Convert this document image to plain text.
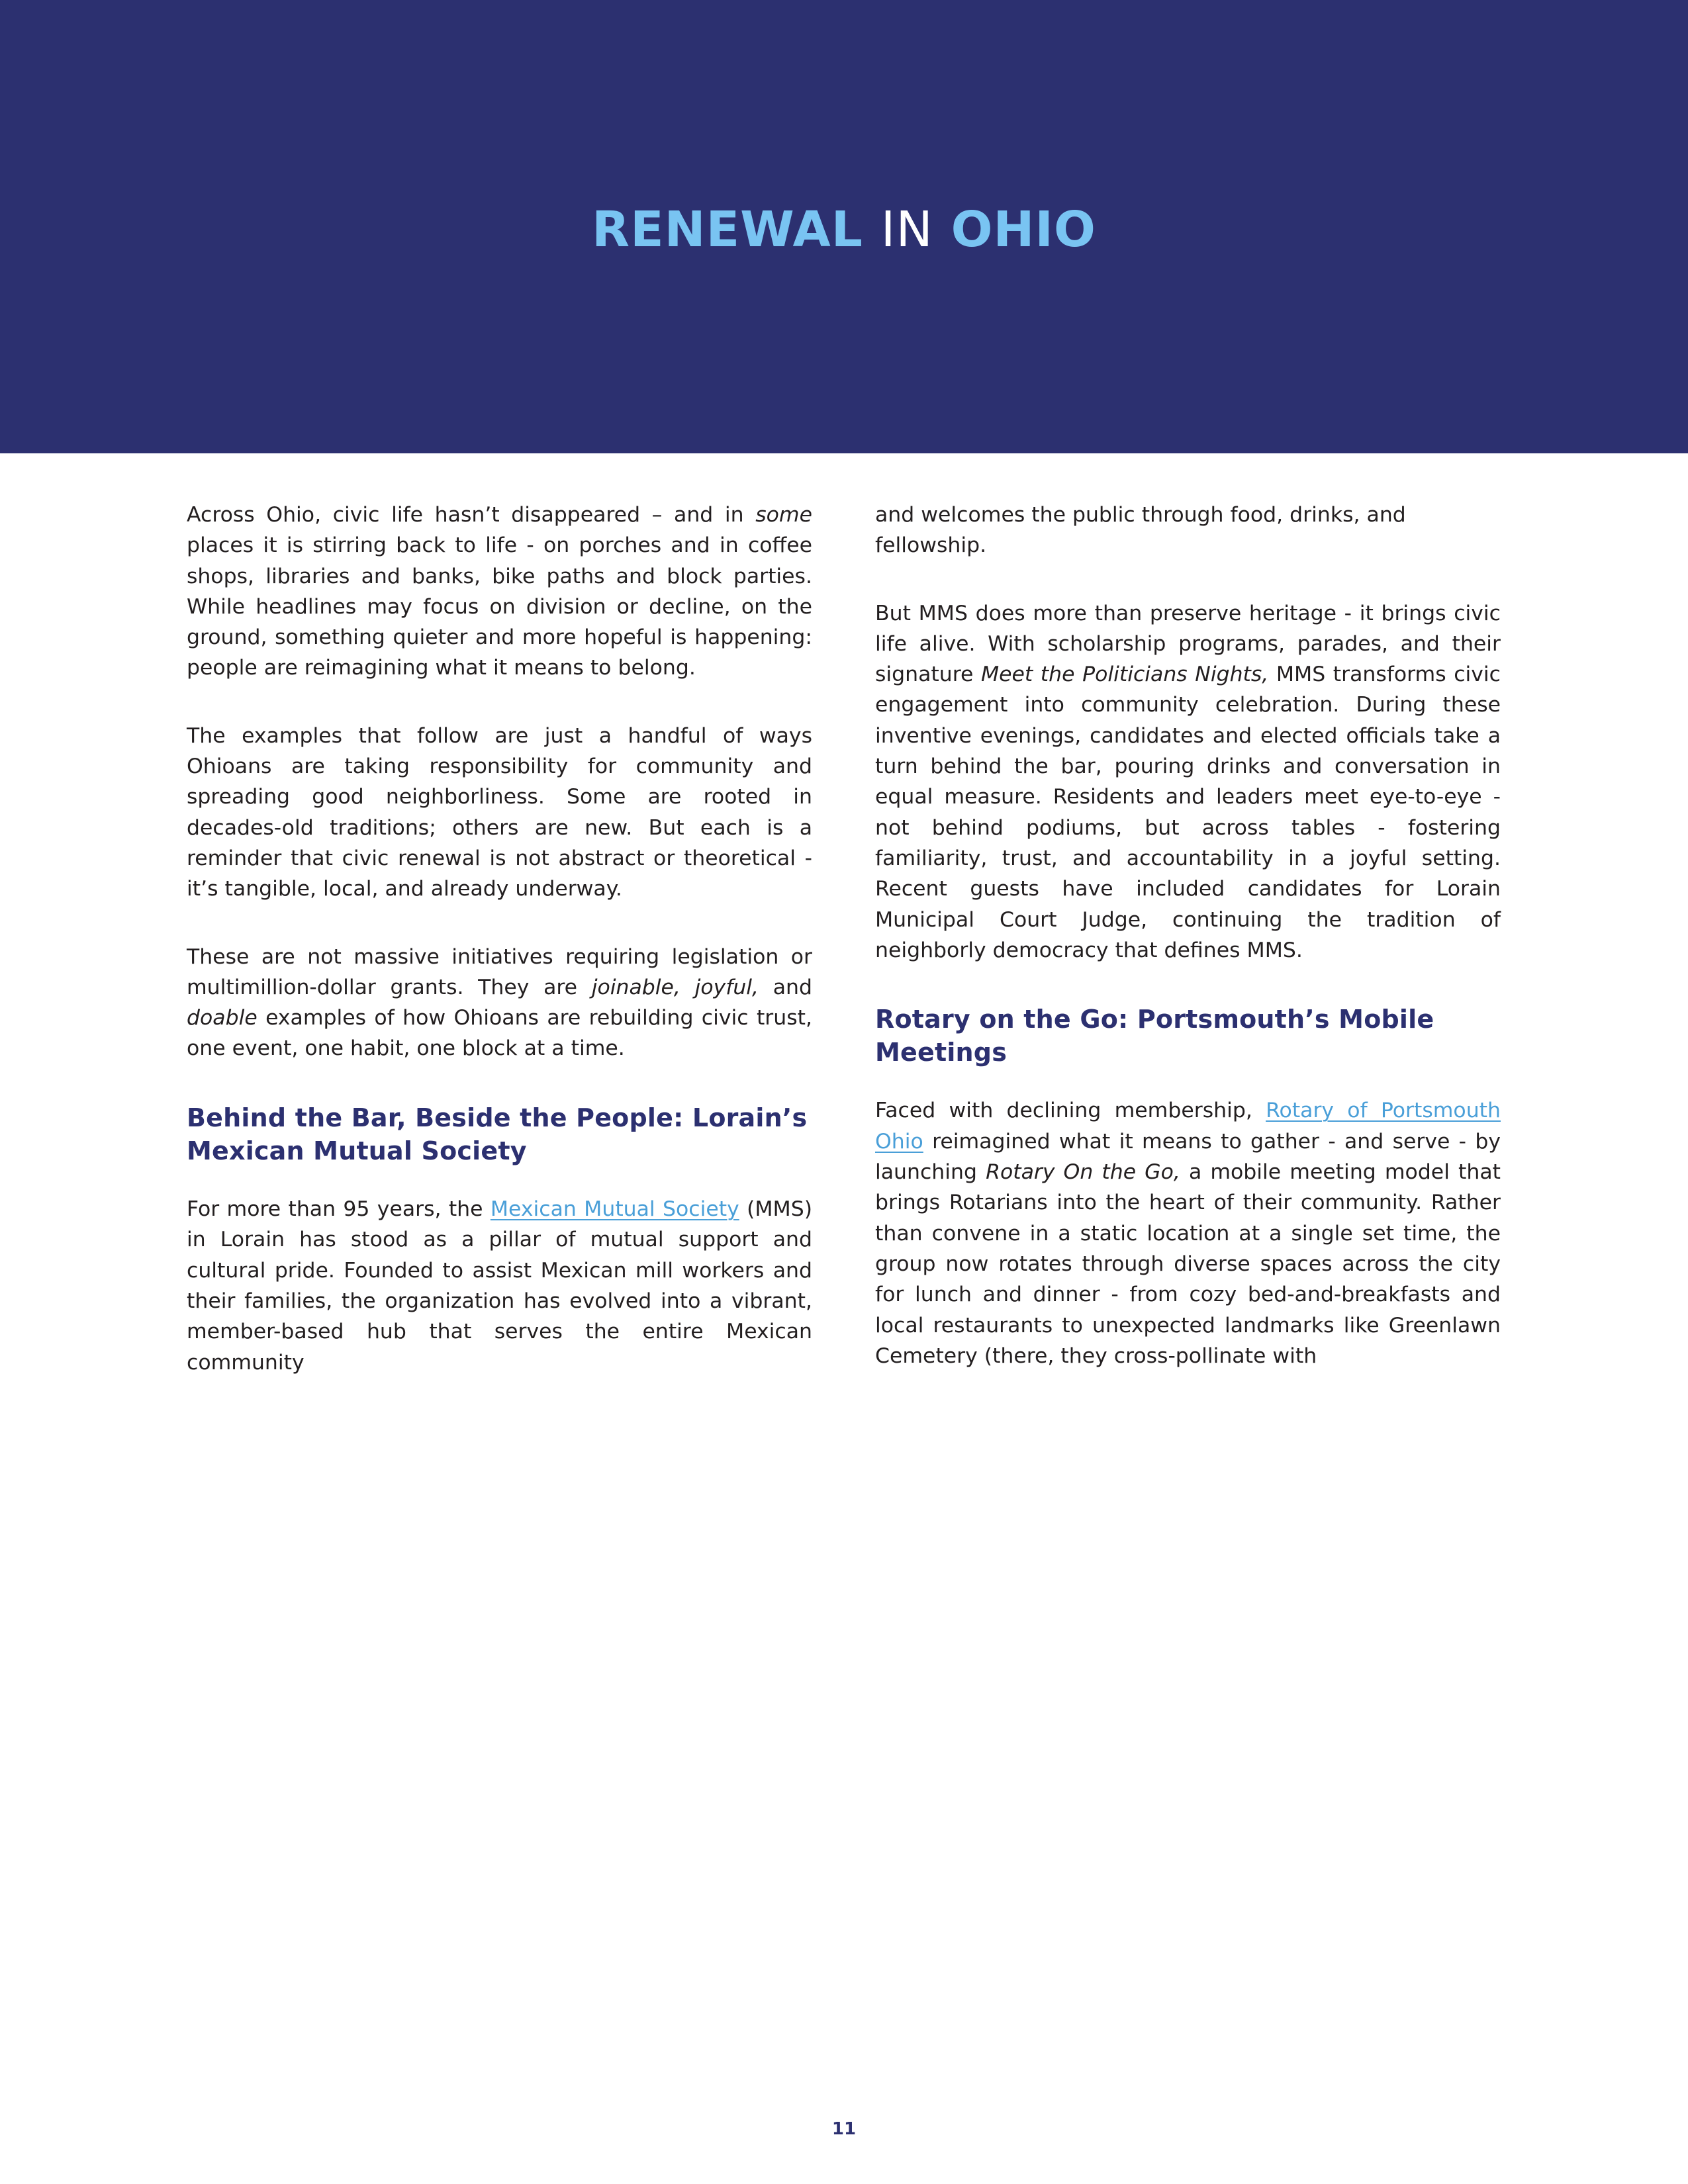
RENEWAL IN OHIO

Across Ohio, civic life hasn’t disappeared – and in some places it is stirring back to life - on porches and in coffee shops, libraries and banks, bike paths and block parties. While headlines may focus on division or decline, on the ground, something quieter and more hopeful is happening: people are reimagining what it means to belong.

The examples that follow are just a handful of ways Ohioans are taking responsibility for community and spreading good neighborliness. Some are rooted in decades-old traditions; others are new. But each is a reminder that civic renewal is not abstract or theoretical - it’s tangible, local, and already underway.

These are not massive initiatives requiring legislation or multimillion-dollar grants. They are joinable, joyful, and doable examples of how Ohioans are rebuilding civic trust, one event, one habit, one block at a time.

Behind the Bar, Beside the People: Lorain’s Mexican Mutual Society

For more than 95 years, the Mexican Mutual Society (MMS) in Lorain has stood as a pillar of mutual support and cultural pride. Founded to assist Mexican mill workers and their families, the organization has evolved into a vibrant, member-based hub that serves the entire Mexican community

and welcomes the public through food, drinks, and fellowship.

But MMS does more than preserve heritage - it brings civic life alive. With scholarship programs, parades, and their signature Meet the Politicians Nights, MMS transforms civic engagement into community celebration. During these inventive evenings, candidates and elected officials take a turn behind the bar, pouring drinks and conversation in equal measure. Residents and leaders meet eye-to-eye - not behind podiums, but across tables - fostering familiarity, trust, and accountability in a joyful setting. Recent guests have included candidates for Lorain Municipal Court Judge, continuing the tradition of neighborly democracy that defines MMS.

Rotary on the Go: Portsmouth’s Mobile Meetings

Faced with declining membership, Rotary of Portsmouth Ohio reimagined what it means to gather - and serve - by launching Rotary On the Go, a mobile meeting model that brings Rotarians into the heart of their community. Rather than convene in a static location at a single set time, the group now rotates through diverse spaces across the city for lunch and dinner - from cozy bed-and-breakfasts and local restaurants to unexpected landmarks like Greenlawn Cemetery (there, they cross-pollinate with

11
